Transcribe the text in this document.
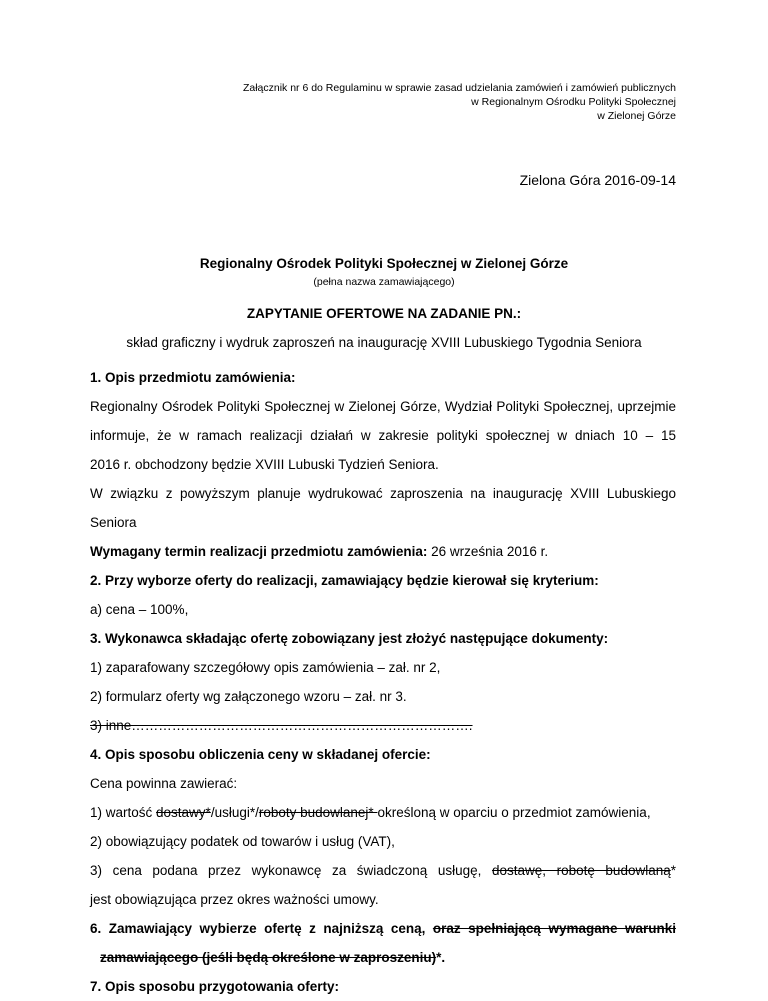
Załącznik nr 6 do Regulaminu w sprawie zasad udzielania zamówień i zamówień publicznych
w Regionalnym Ośrodku Polityki Społecznej
w Zielonej Górze
Zielona Góra 2016-09-14
Regionalny Ośrodek Polityki Społecznej w Zielonej Górze
(pełna nazwa zamawiającego)
ZAPYTANIE OFERTOWE NA ZADANIE PN.:
skład graficzny i wydruk zaproszeń na inaugurację XVIII Lubuskiego Tygodnia Seniora
1. Opis przedmiotu zamówienia:
Regionalny Ośrodek Polityki Społecznej w Zielonej Górze, Wydział Polityki Społecznej, uprzejmie
informuje, że w ramach realizacji działań w zakresie polityki społecznej w dniach 10 – 15
2016 r. obchodzony będzie XVIII Lubuski Tydzień Seniora.
W związku z powyższym planuje wydrukować zaproszenia na inaugurację XVIII Lubuskiego
Seniora
Wymagany termin realizacji przedmiotu zamówienia: 26 września 2016 r.
2. Przy wyborze oferty do realizacji, zamawiający będzie kierował się kryterium:
a) cena – 100%,
3. Wykonawca składając ofertę zobowiązany jest złożyć następujące dokumenty:
1) zaparafowany szczegółowy opis zamówienia – zał. nr 2,
2) formularz oferty wg załączonego wzoru – zał. nr 3.
3) inne………………………………………………………………….
4. Opis sposobu obliczenia ceny w składanej ofercie:
Cena powinna zawierać:
1) wartość dostawy*/usługi*/roboty budowlanej* określoną w oparciu o przedmiot zamówienia,
2) obowiązujący podatek od towarów i usług (VAT),
3) cena podana przez wykonawcę za świadczoną usługę, dostawę, robotę budowlaną*
jest obowiązująca przez okres ważności umowy.
6. Zamawiający wybierze ofertę z najniższą ceną, oraz spełniającą wymagane warunki
zamawiającego (jeśli będą określone w zaproszeniu)*.
7. Opis sposobu przygotowania oferty:
